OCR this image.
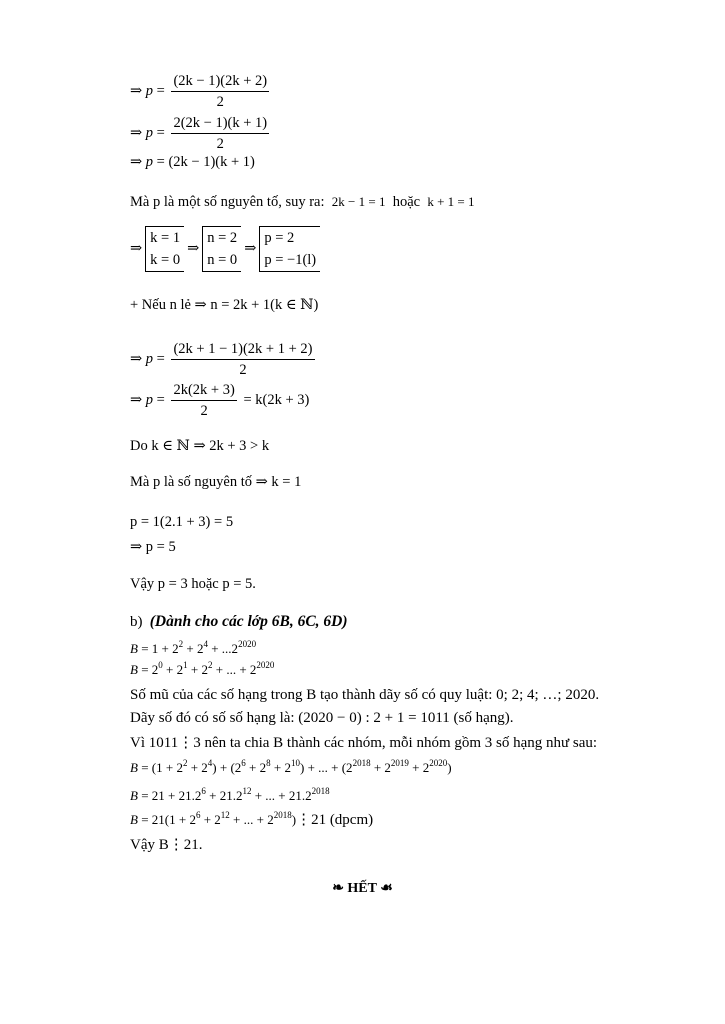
⇒ $p = \frac{(2k - 1)(2k + 2)}{2}$
⇒ $p = \frac{2(2k - 1)(k + 1)}{2}$
⇒ p = (2k − 1)(k + 1)
Mà p là một số nguyên tố, suy ra: 2k − 1 = 1 hoặc k + 1 = 1
⇒
k = 1
k = 0
⇒
n = 2
n = 0
⇒
p = 2
p = −1(l)
+ Nếu n lẻ ⇒ n = 2k + 1(k ∈ ℕ)
⇒ $p = \frac{(2k + 1 - 1)(2k + 1 + 2)}{2}$
⇒ $p = \frac{2k(2k + 3)}{2} = k(2k + 3)$
Do k ∈ ℕ ⇒ 2k + 3 > k
Mà p là số nguyên tố ⇒ k = 1
p = 1(2.1 + 3) = 5
⇒ p = 5
Vậy p = 3 hoặc p = 5.
b) (Dành cho các lớp 6B, 6C, 6D)
$B = 1 + 2^2 + 2^4 + ...2^{2020}$
$B = 2^0 + 2^1 + 2^2$ + ... + $2^{2020}$
Số mũ của các số hạng trong B tạo thành dãy số có quy luật: 0; 2; 4; …; 2020.
Dãy số đó có số số hạng là: (2020 − 0) : 2 + 1 = 1011 (số hạng).
Vì 1011⋮3 nên ta chia B thành các nhóm, mỗi nhóm gồm 3 số hạng như sau:
$B = (1 + 2^2 + 2^4) + (2^6 + 2^8 + 2^{10})$ + ... + $(2^{2018} + 2^{2019} + 2^{2020})$
$B = 21 + 21.2^6 + 21.2^{12}$ + ... + $21.2^{2018}$
$B = 21(1 + 2^6 + 2^{12}$ + ... + $2^{2018})⋮21$ (dpcm)
Vậy B⋮21.
❧ HẾT ☙
